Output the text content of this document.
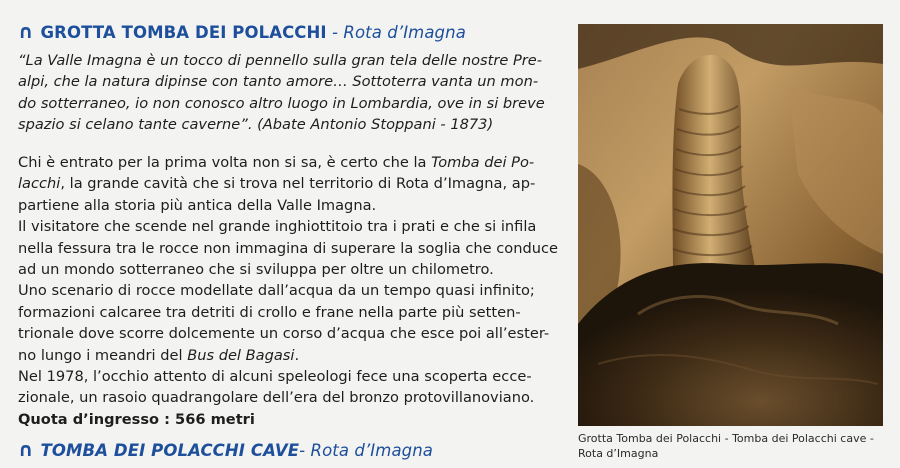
∩ GROTTA TOMBA DEI POLACCHI - Rota d’Imagna
“La Valle Imagna è un tocco di pennello sulla gran tela delle nostre Pre-
alpi, che la natura dipinse con tanto amore… Sottoterra vanta un mon-
do sotterraneo, io non conosco altro luogo in Lombardia, ove in si breve
spazio si celano tante caverne”. (Abate Antonio Stoppani - 1873)
Chi è entrato per la prima volta non si sa, è certo che la Tomba dei Po-
lacchi, la grande cavità che si trova nel territorio di Rota d’Imagna, ap-
partiene alla storia più antica della Valle Imagna.
Il visitatore che scende nel grande inghiottitoio tra i prati e che si infila
nella fessura tra le rocce non immagina di superare la soglia che conduce
ad un mondo sotterraneo che si sviluppa per oltre un chilometro.
Uno scenario di rocce modellate dall’acqua da un tempo quasi infinito;
formazioni calcaree tra detriti di crollo e frane nella parte più setten-
trionale dove scorre dolcemente un corso d’acqua che esce poi all’ester-
no lungo i meandri del Bus del Bagasi.
Nel 1978, l’occhio attento di alcuni speleologi fece una scoperta ecce-
zionale, un rasoio quadrangolare dell’era del bronzo protovillanoviano.
Quota d’ingresso : 566 metri
∩ TOMBA DEI POLACCHI CAVE- Rota d’Imagna
Grotta Tomba dei Polacchi - Tomba dei Polacchi cave -
Rota d’Imagna
